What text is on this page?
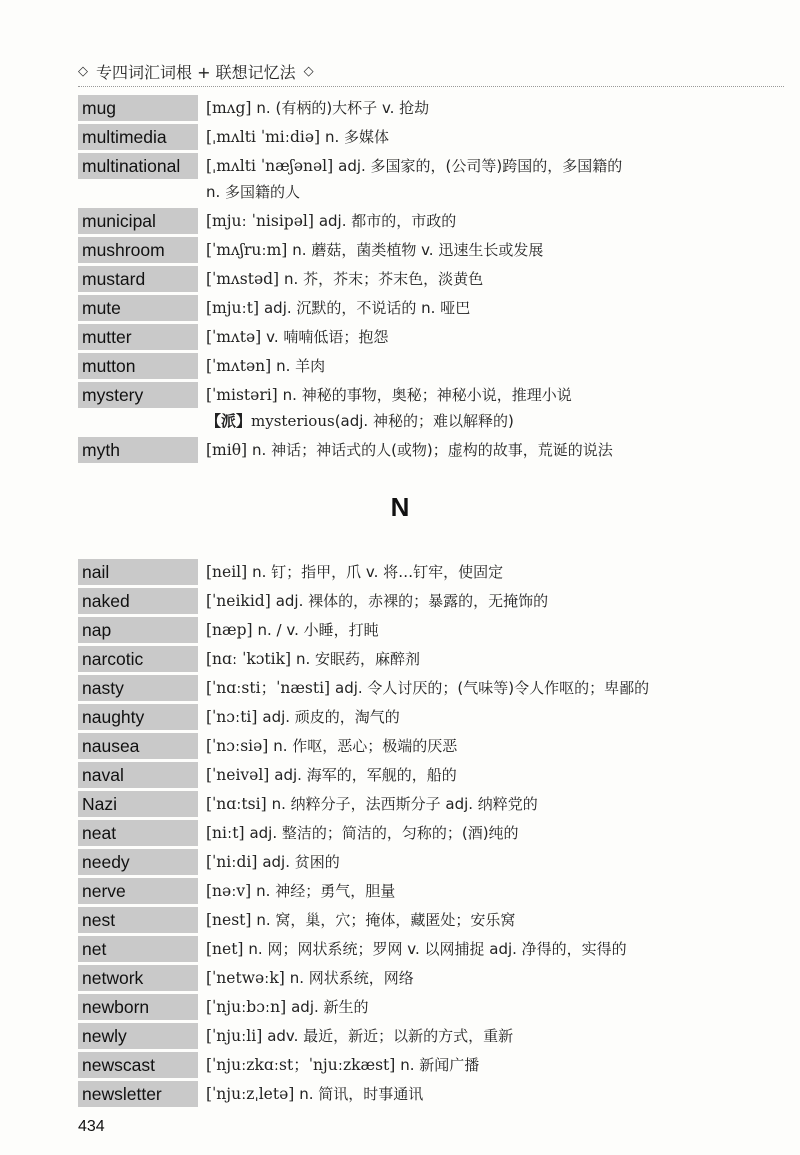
◇ 专四词汇词根 + 联想记忆法 ◇
mug	[mʌg] n. (有柄的)大杯子 v. 抢劫
multimedia	[ˌmʌlti ˈmiːdiə] n. 多媒体
multinational	[ˌmʌlti ˈnæʃənəl] adj. 多国家的，(公司等)跨国的，多国籍的
n. 多国籍的人
municipal	[mjuː ˈnisipəl] adj. 都市的，市政的
mushroom	[ˈmʌʃruːm] n. 蘑菇，菌类植物 v. 迅速生长或发展
mustard	[ˈmʌstəd] n. 芥，芥末；芥末色，淡黄色
mute	[mjuːt] adj. 沉默的，不说话的 n. 哑巴
mutter	[ˈmʌtə] v. 喃喃低语；抱怨
mutton	[ˈmʌtən] n. 羊肉
mystery	[ˈmistəri] n. 神秘的事物，奥秘；神秘小说，推理小说
【派】mysterious(adj. 神秘的；难以解释的)
myth	[miθ] n. 神话；神话式的人(或物)；虚构的故事，荒诞的说法
N
nail	[neil] n. 钉；指甲，爪 v. 将…钉牢，使固定
naked	[ˈneikid] adj. 裸体的，赤裸的；暴露的，无掩饰的
nap	[næp] n. / v. 小睡，打盹
narcotic	[nɑː ˈkɔtik] n. 安眠药，麻醉剂
nasty	[ˈnɑːsti；ˈnæsti] adj. 令人讨厌的；(气味等)令人作呕的；卑鄙的
naughty	[ˈnɔːti] adj. 顽皮的，淘气的
nausea	[ˈnɔːsiə] n. 作呕，恶心；极端的厌恶
naval	[ˈneivəl] adj. 海军的，军舰的，船的
Nazi	[ˈnɑːtsi] n. 纳粹分子，法西斯分子 adj. 纳粹党的
neat	[niːt] adj. 整洁的；简洁的，匀称的；(酒)纯的
needy	[ˈniːdi] adj. 贫困的
nerve	[nəːv] n. 神经；勇气，胆量
nest	[nest] n. 窝，巢，穴；掩体，藏匿处；安乐窝
net	[net] n. 网；网状系统；罗网 v. 以网捕捉 adj. 净得的，实得的
network	[ˈnetwəːk] n. 网状系统，网络
newborn	[ˈnjuːbɔːn] adj. 新生的
newly	[ˈnjuːli] adv. 最近，新近；以新的方式，重新
newscast	[ˈnjuːzkɑːst；ˈnjuːzkæst] n. 新闻广播
newsletter	[ˈnjuːzˌletə] n. 简讯，时事通讯
434
